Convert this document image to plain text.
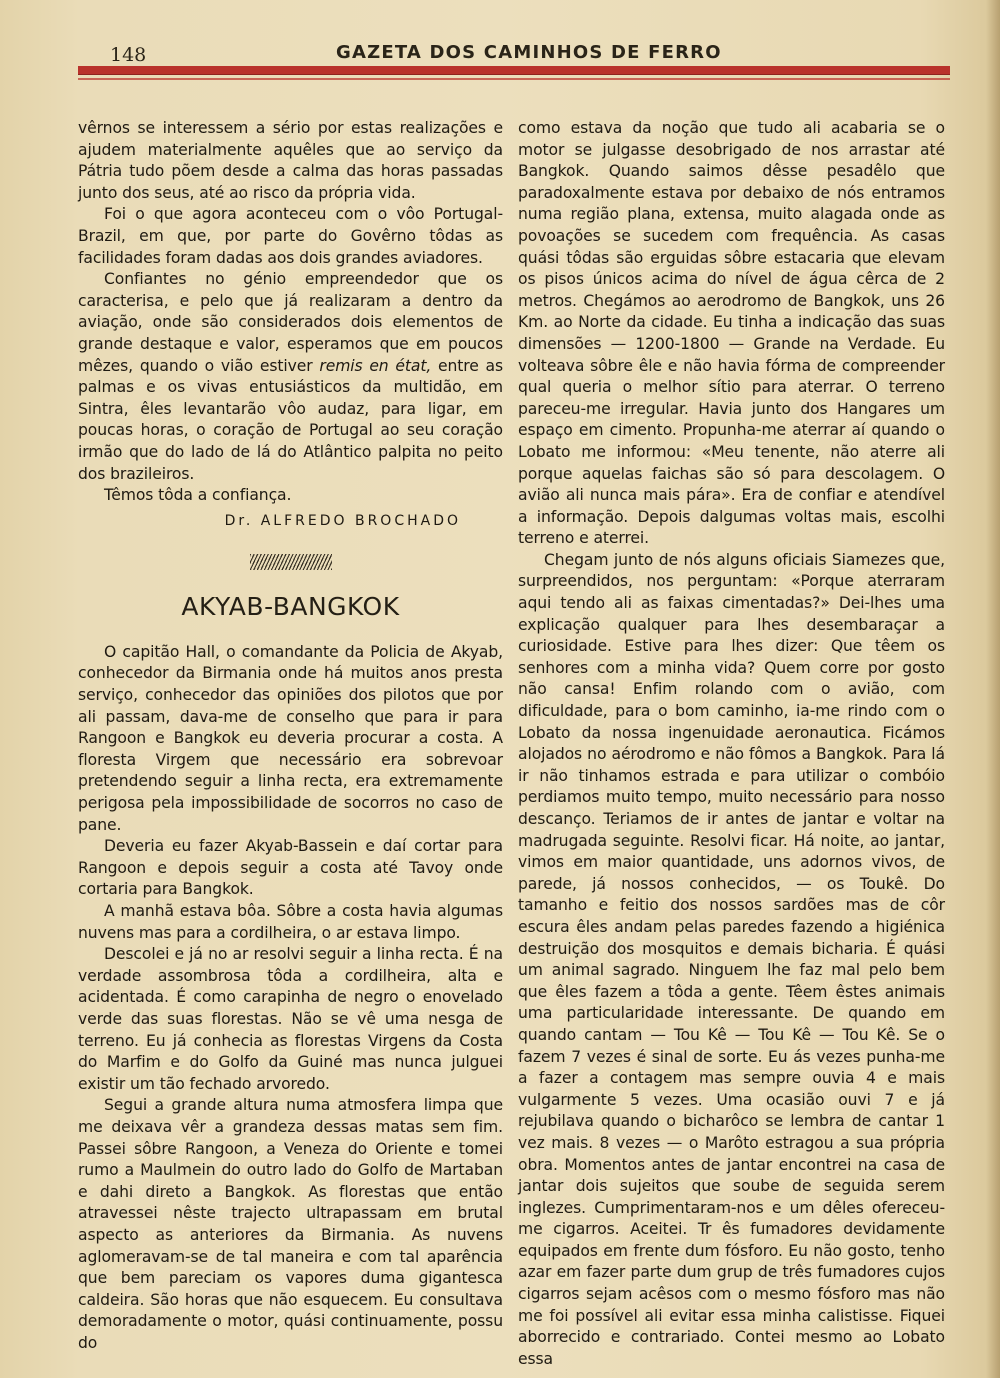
148	GAZETA DOS CAMINHOS DE FERRO

vêrnos se interessem a sério por estas realizações e ajudem materialmente aquêles que ao serviço da Pátria tudo põem desde a calma das horas passadas junto dos seus, até ao risco da própria vida.

Foi o que agora aconteceu com o vôo Portugal-Brazil, em que, por parte do Govêrno tôdas as facilidades foram dadas aos dois grandes aviadores.

Confiantes no génio empreendedor que os caracterisa, e pelo que já realizaram a dentro da aviação, onde são considerados dois elementos de grande destaque e valor, esperamos que em poucos mêzes, quando o vião estiver remis en état, entre as palmas e os vivas entusiásticos da multidão, em Sintra, êles levantarão vôo audaz, para ligar, em poucas horas, o coração de Portugal ao seu coração irmão que do lado de lá do Atlântico palpita no peito dos brazileiros.

Têmos tôda a confiança.

Dr. ALFREDO BROCHADO

AKYAB-BANGKOK

O capitão Hall, o comandante da Policia de Akyab, conhecedor da Birmania onde há muitos anos presta serviço, conhecedor das opiniões dos pilotos que por ali passam, dava-me de conselho que para ir para Rangoon e Bangkok eu deveria procurar a costa. A floresta Virgem que necessário era sobrevoar pretendendo seguir a linha recta, era extremamente perigosa pela impossibilidade de socorros no caso de pane.

Deveria eu fazer Akyab-Bassein e daí cortar para Rangoon e depois seguir a costa até Tavoy onde cortaria para Bangkok.

A manhã estava bôa. Sôbre a costa havia algumas nuvens mas para a cordilheira, o ar estava limpo.

Descolei e já no ar resolvi seguir a linha recta. É na verdade assombrosa tôda a cordilheira, alta e acidentada. É como carapinha de negro o enovelado verde das suas florestas. Não se vê uma nesga de terreno. Eu já conhecia as florestas Virgens da Costa do Marfim e do Golfo da Guiné mas nunca julguei existir um tão fechado arvoredo.

Segui a grande altura numa atmosfera limpa que me deixava vêr a grandeza dessas matas sem fim. Passei sôbre Rangoon, a Veneza do Oriente e tomei rumo a Maulmein do outro lado do Golfo de Martaban e dahi direto a Bangkok. As florestas que então atravessei nêste trajecto ultrapassam em brutal aspecto as anteriores da Birmania. As nuvens aglomeravam-se de tal maneira e com tal aparência que bem pareciam os vapores duma gigantesca caldeira. São horas que não esquecem. Eu consultava demoradamente o motor, quási continuamente, possu do

como estava da noção que tudo ali acabaria se o motor se julgasse desobrigado de nos arrastar até Bangkok. Quando saimos dêsse pesadêlo que paradoxalmente estava por debaixo de nós entramos numa região plana, extensa, muito alagada onde as povoações se sucedem com frequência. As casas quási tôdas são erguidas sôbre estacaria que elevam os pisos únicos acima do nível de água cêrca de 2 metros. Chegámos ao aerodromo de Bangkok, uns 26 Km. ao Norte da cidade. Eu tinha a indicação das suas dimensões — 1200-1800 — Grande na Verdade. Eu volteava sôbre êle e não havia fórma de compreender qual queria o melhor sítio para aterrar. O terreno pareceu-me irregular. Havia junto dos Hangares um espaço em cimento. Propunha-me aterrar aí quando o Lobato me informou: «Meu tenente, não aterre ali porque aquelas faichas são só para descolagem. O avião ali nunca mais pára». Era de confiar e atendível a informação. Depois dalgumas voltas mais, escolhi terreno e aterrei.

Chegam junto de nós alguns oficiais Siamezes que, surpreendidos, nos perguntam: «Porque aterraram aqui tendo ali as faixas cimentadas?» Dei-lhes uma explicação qualquer para lhes desembaraçar a curiosidade. Estive para lhes dizer: Que têem os senhores com a minha vida? Quem corre por gosto não cansa! Enfim rolando com o avião, com dificuldade, para o bom caminho, ia-me rindo com o Lobato da nossa ingenuidade aeronautica. Ficámos alojados no aérodromo e não fômos a Bangkok. Para lá ir não tinhamos estrada e para utilizar o combóio perdiamos muito tempo, muito necessário para nosso descanço. Teriamos de ir antes de jantar e voltar na madrugada seguinte. Resolvi ficar. Há noite, ao jantar, vimos em maior quantidade, uns adornos vivos, de parede, já nossos conhecidos, — os Toukê. Do tamanho e feitio dos nossos sardões mas de côr escura êles andam pelas paredes fazendo a higiénica destruição dos mosquitos e demais bicharia. É quási um animal sagrado. Ninguem lhe faz mal pelo bem que êles fazem a tôda a gente. Têem êstes animais uma particularidade interessante. De quando em quando cantam — Tou Kê — Tou Kê — Tou Kê. Se o fazem 7 vezes é sinal de sorte. Eu ás vezes punha-me a fazer a contagem mas sempre ouvia 4 e mais vulgarmente 5 vezes. Uma ocasião ouvi 7 e já rejubilava quando o bicharôco se lembra de cantar 1 vez mais. 8 vezes — o Marôto estragou a sua própria obra. Momentos antes de jantar encontrei na casa de jantar dois sujeitos que soube de seguida serem inglezes. Cumprimentaram-nos e um dêles ofereceu-me cigarros. Aceitei. Tr ês fumadores devidamente equipados em frente dum fósforo. Eu não gosto, tenho azar em fazer parte dum grup de três fumadores cujos cigarros sejam acêsos com o mesmo fósforo mas não me foi possível ali evitar essa minha calistisse. Fiquei aborrecido e contrariado. Contei mesmo ao Lobato essa
